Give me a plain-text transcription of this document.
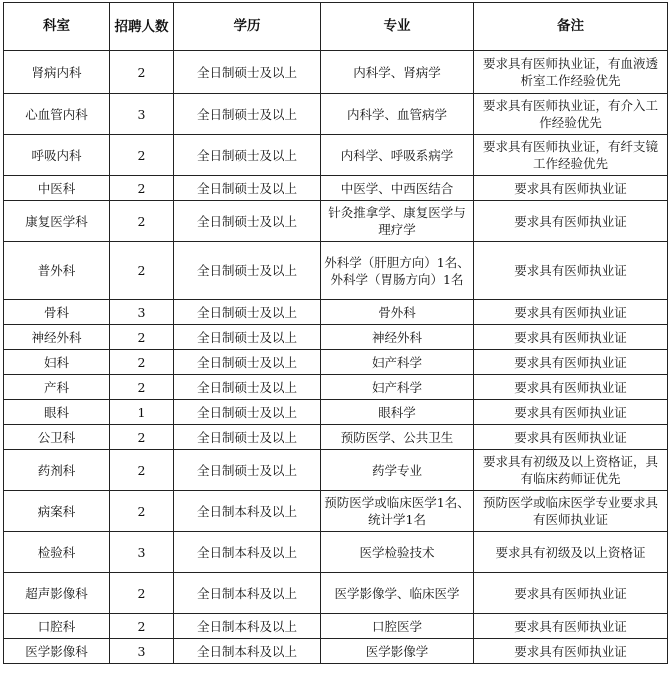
科室	招聘人数	学历	专业	备注
肾病内科	2	全日制硕士及以上	内科学、肾病学	要求具有医师执业证，有血液透析室工作经验优先
心血管内科	3	全日制硕士及以上	内科学、血管病学	要求具有医师执业证，有介入工作经验优先
呼吸内科	2	全日制硕士及以上	内科学、呼吸系病学	要求具有医师执业证，有纤支镜工作经验优先
中医科	2	全日制硕士及以上	中医学、中西医结合	要求具有医师执业证
康复医学科	2	全日制硕士及以上	针灸推拿学、康复医学与理疗学	要求具有医师执业证
普外科	2	全日制硕士及以上	外科学（肝胆方向）1名、外科学（胃肠方向）1名	要求具有医师执业证
骨科	3	全日制硕士及以上	骨外科	要求具有医师执业证
神经外科	2	全日制硕士及以上	神经外科	要求具有医师执业证
妇科	2	全日制硕士及以上	妇产科学	要求具有医师执业证
产科	2	全日制硕士及以上	妇产科学	要求具有医师执业证
眼科	1	全日制硕士及以上	眼科学	要求具有医师执业证
公卫科	2	全日制硕士及以上	预防医学、公共卫生	要求具有医师执业证
药剂科	2	全日制硕士及以上	药学专业	要求具有初级及以上资格证，具有临床药师证优先
病案科	2	全日制本科及以上	预防医学或临床医学1名、统计学1名	预防医学或临床医学专业要求具有医师执业证
检验科	3	全日制本科及以上	医学检验技术	要求具有初级及以上资格证
超声影像科	2	全日制本科及以上	医学影像学、临床医学	要求具有医师执业证
口腔科	2	全日制本科及以上	口腔医学	要求具有医师执业证
医学影像科	3	全日制本科及以上	医学影像学	要求具有医师执业证
